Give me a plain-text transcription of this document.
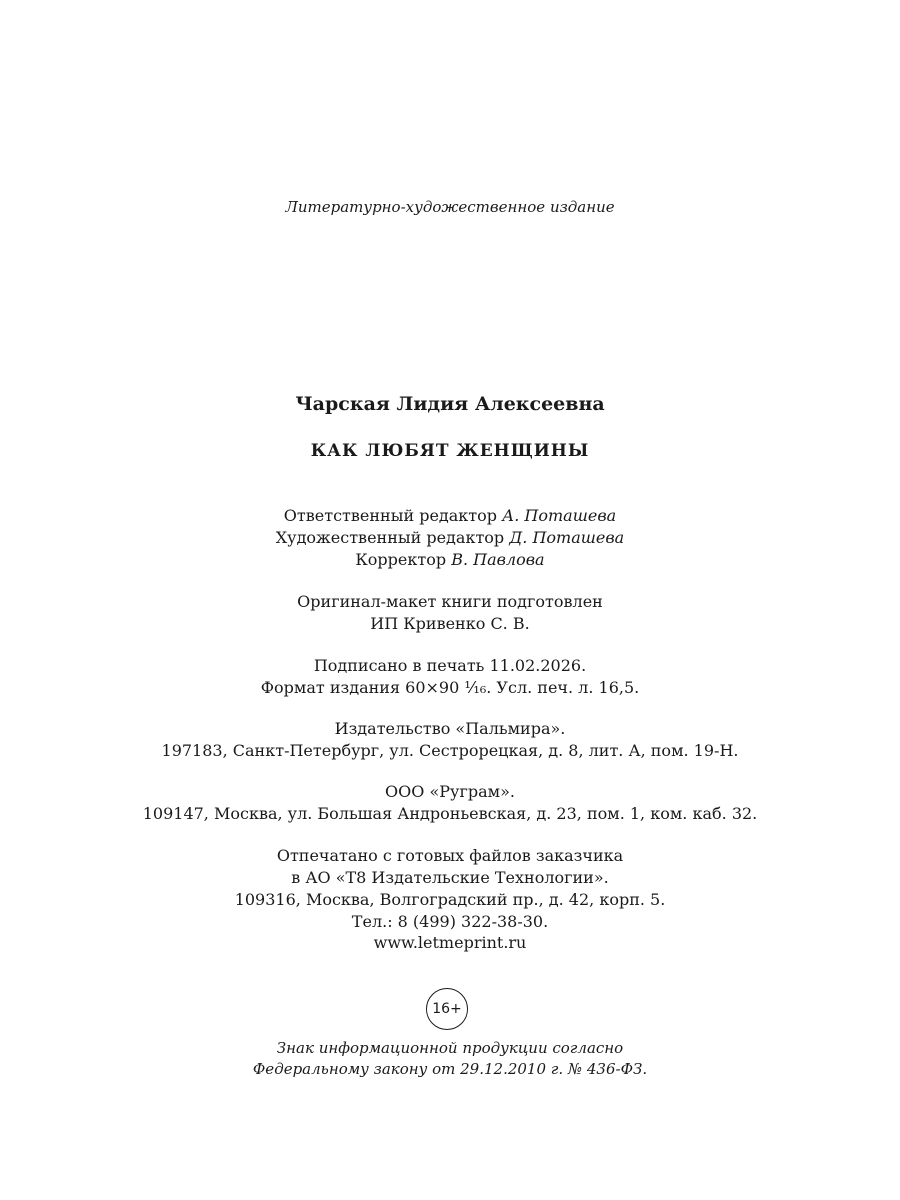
Литературно-художественное издание
Чарская Лидия Алексеевна
КАК ЛЮБЯТ ЖЕНЩИНЫ
Ответственный редактор А. Поташева
Художественный редактор Д. Поташева
Корректор В. Павлова
Оригинал-макет книги подготовлен
ИП Кривенко С. В.
Подписано в печать 11.02.2026.
Формат издания 60×90 ¹⁄₁₆. Усл. печ. л. 16,5.
Издательство «Пальмира».
197183, Санкт-Петербург, ул. Сестрорецкая, д. 8, лит. А, пом. 19-Н.
ООО «Руграм».
109147, Москва, ул. Большая Андроньевская, д. 23, пом. 1, ком. каб. 32.
Отпечатано с готовых файлов заказчика
в АО «Т8 Издательские Технологии».
109316, Москва, Волгоградский пр., д. 42, корп. 5.
Тел.: 8 (499) 322-38-30.
www.letmeprint.ru
16+
Знак информационной продукции согласно
Федеральному закону от 29.12.2010 г. № 436-ФЗ.
